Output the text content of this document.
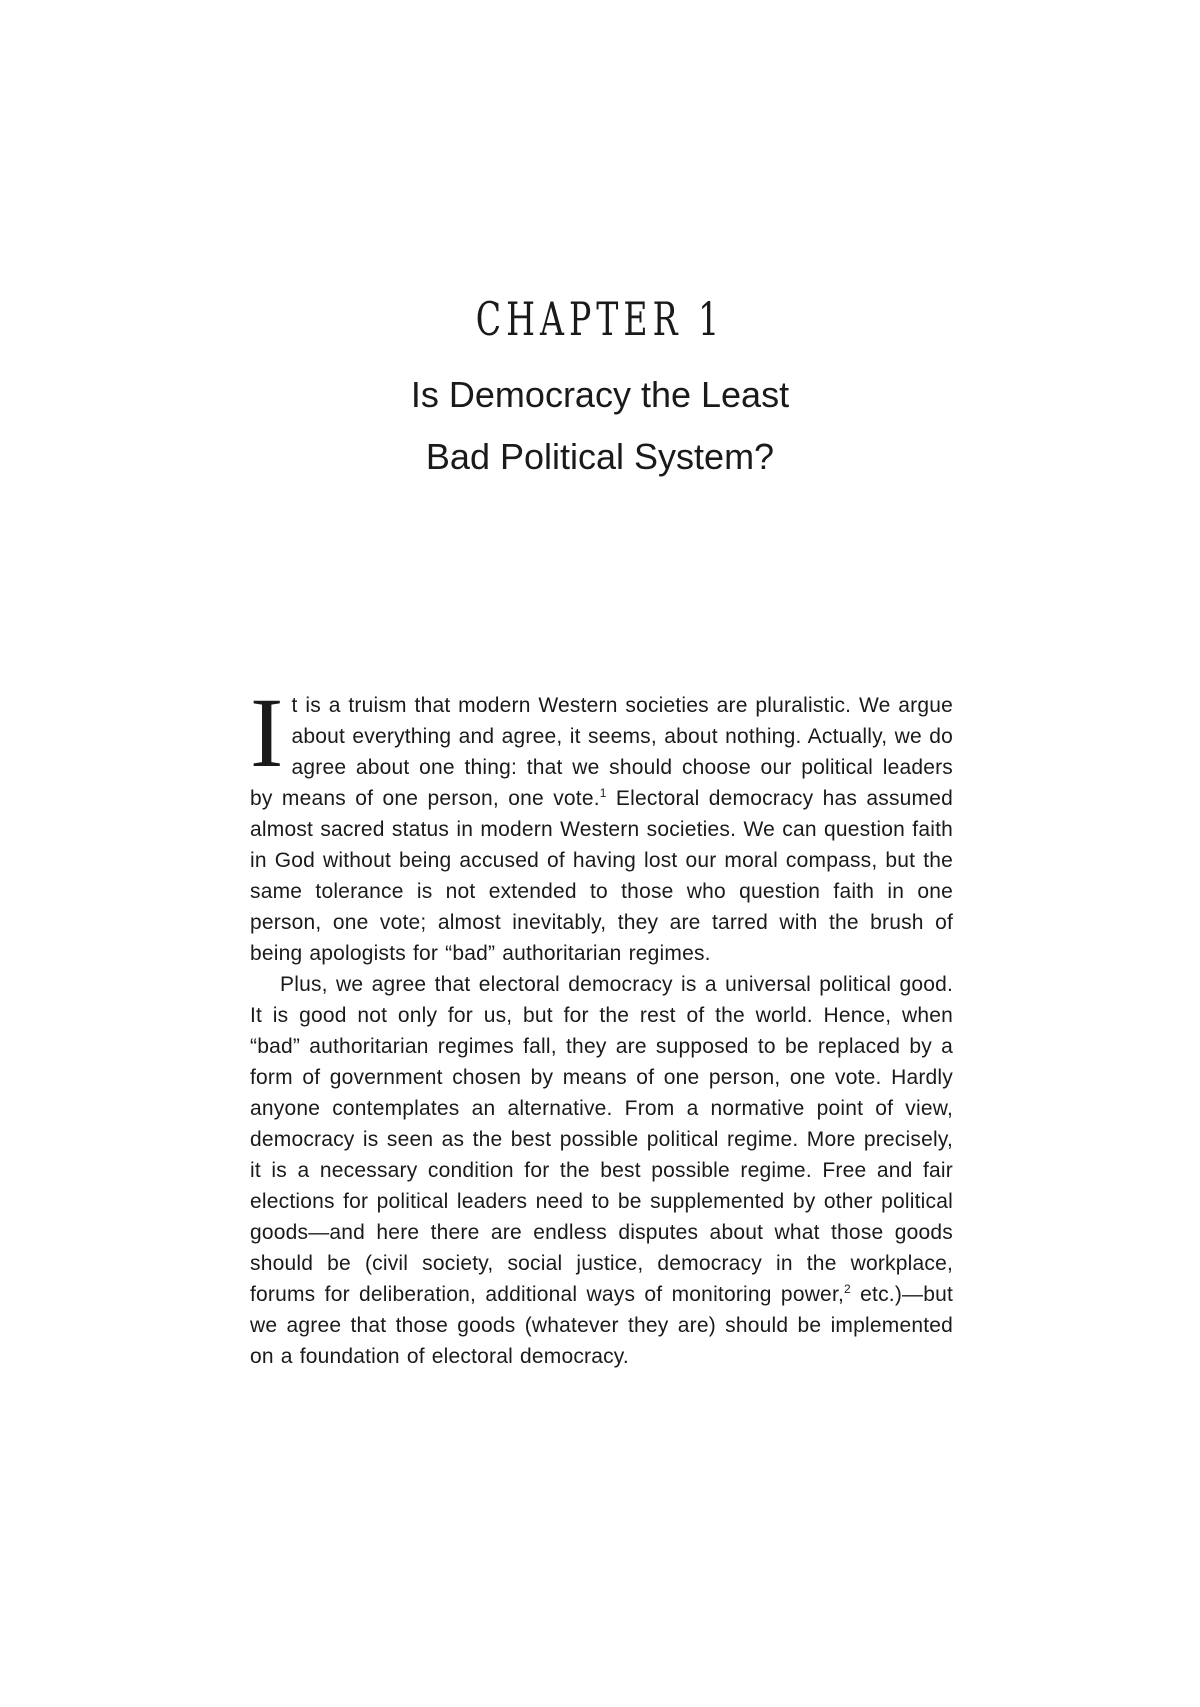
CHAPTER 1
Is Democracy the Least
Bad Political System?

It is a truism that modern Western societies are pluralistic. We argue about everything and agree, it seems, about nothing. Actually, we do agree about one thing: that we should choose our political leaders by means of one person, one vote.$^1$ Electoral democracy has assumed almost sacred status in modern Western societies. We can question faith in God without being accused of having lost our moral compass, but the same tolerance is not extended to those who question faith in one person, one vote; almost inevitably, they are tarred with the brush of being apologists for “bad” authoritarian regimes.

Plus, we agree that electoral democracy is a universal political good. It is good not only for us, but for the rest of the world. Hence, when “bad” authoritarian regimes fall, they are supposed to be replaced by a form of government chosen by means of one person, one vote. Hardly anyone contemplates an alternative. From a normative point of view, democracy is seen as the best possible political regime. More precisely, it is a necessary condition for the best possible regime. Free and fair elections for political leaders need to be supplemented by other political goods—and here there are endless disputes about what those goods should be (civil society, social justice, democracy in the workplace, forums for deliberation, additional ways of monitoring power,$^2$ etc.)—but we agree that those goods (whatever they are) should be implemented on a foundation of electoral democracy.
